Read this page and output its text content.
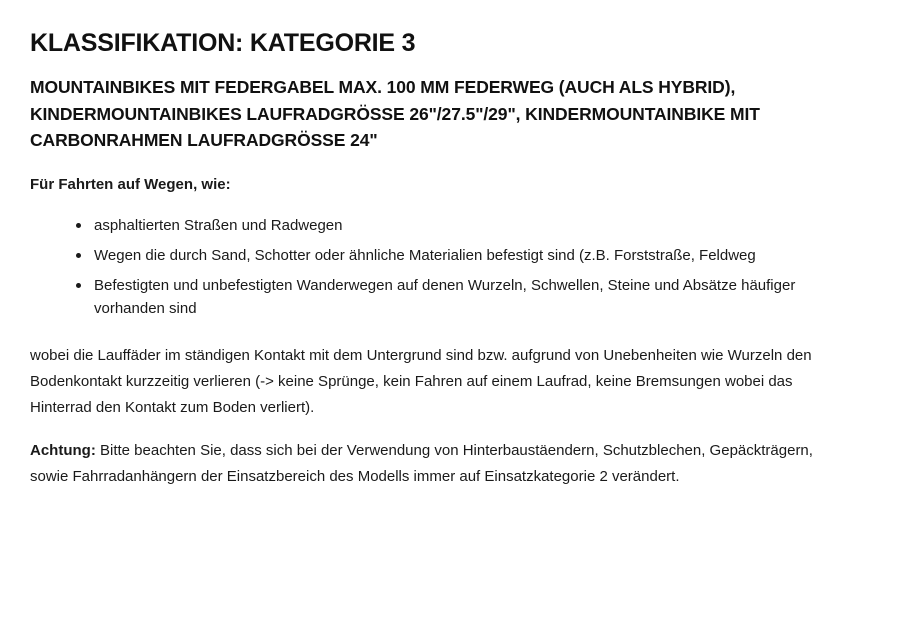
KLASSIFIKATION: KATEGORIE 3
MOUNTAINBIKES MIT FEDERGABEL MAX. 100 MM FEDERWEG (AUCH ALS HYBRID), KINDERMOUNTAINBIKES LAUFRADGRÖSSE 26"/27.5"/29", KINDERMOUNTAINBIKE MIT CARBONRAHMEN LAUFRADGRÖSSE 24"

Für Fahrten auf Wegen, wie:

asphaltierten Straßen und Radwegen
Wegen die durch Sand, Schotter oder ähnliche Materialien befestigt sind (z.B. Forststraße, Feldweg
Befestigten und unbefestigten Wanderwegen auf denen Wurzeln, Schwellen, Steine und Absätze häufiger vorhanden sind

wobei die Lauffäder im ständigen Kontakt mit dem Untergrund sind bzw. aufgrund von Unebenheiten wie Wurzeln den Bodenkontakt kurzzeitig verlieren (-> keine Sprünge, kein Fahren auf einem Laufrad, keine Bremsungen wobei das Hinterrad den Kontakt zum Boden verliert).

Achtung: Bitte beachten Sie, dass sich bei der Verwendung von Hinterbaustäendern, Schutzblechen, Gepäckträgern, sowie Fahrradanhängern der Einsatzbereich des Modells immer auf Einsatzkategorie 2 verändert.
